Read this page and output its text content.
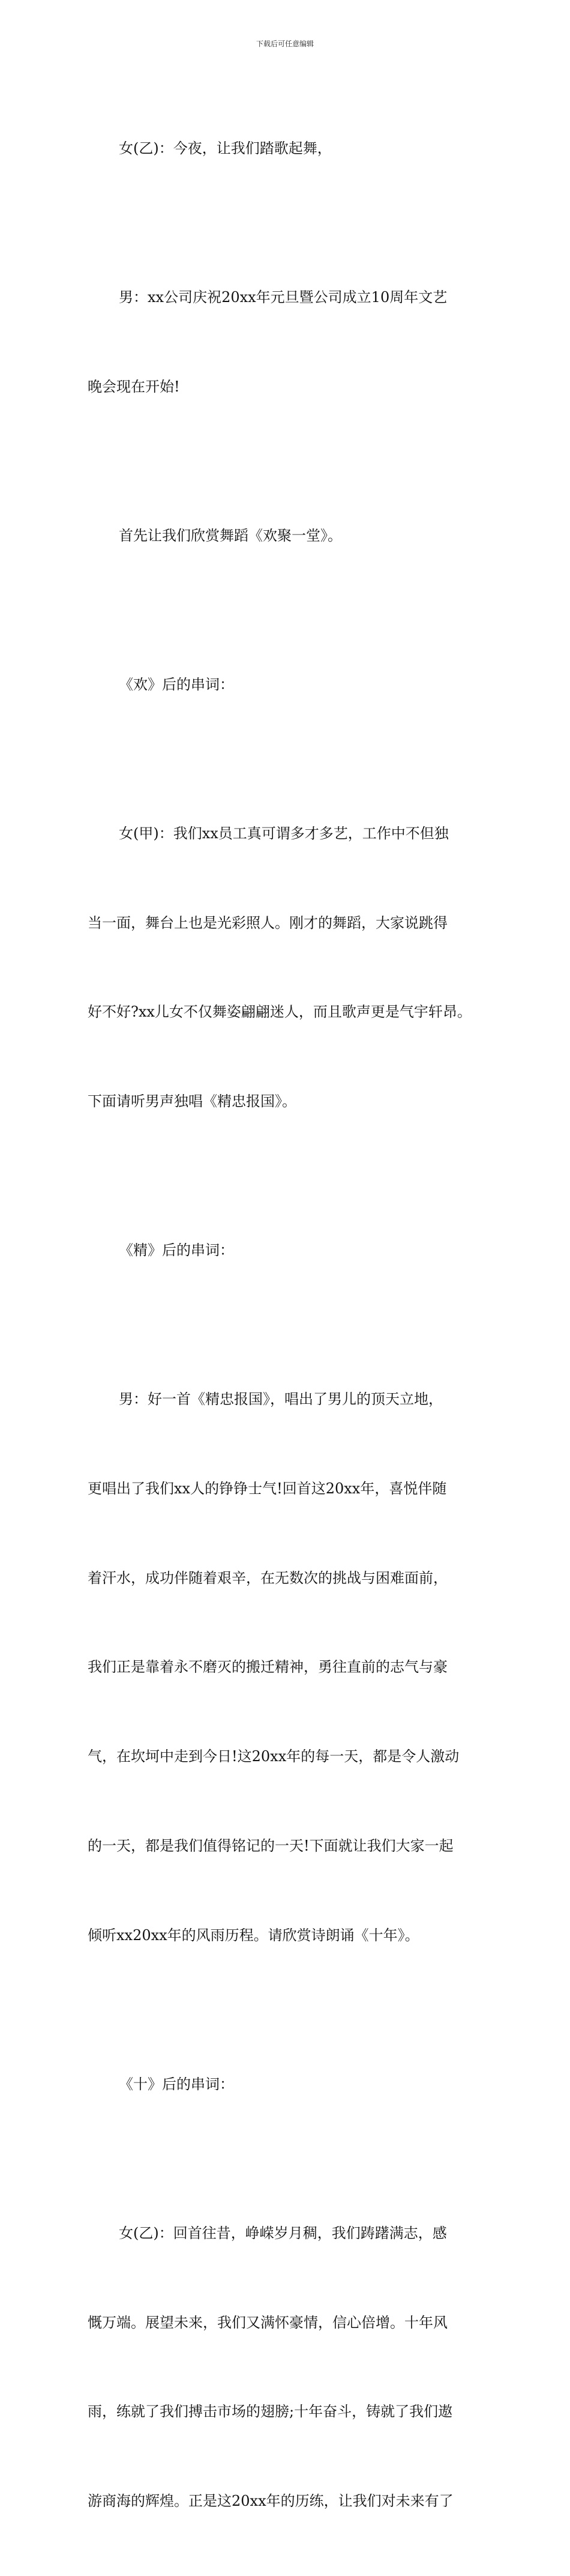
下载后可任意编辑

女(乙)：今夜，让我们踏歌起舞，

男：xx公司庆祝20xx年元旦暨公司成立10周年文艺

晚会现在开始!

首先让我们欣赏舞蹈《欢聚一堂》。

《欢》后的串词：

女(甲)：我们xx员工真可谓多才多艺，工作中不但独

当一面，舞台上也是光彩照人。刚才的舞蹈，大家说跳得

好不好?xx儿女不仅舞姿翩翩迷人，而且歌声更是气宇轩昂。

下面请听男声独唱《精忠报国》。

《精》后的串词：

男：好一首《精忠报国》，唱出了男儿的顶天立地，

更唱出了我们xx人的铮铮士气!回首这20xx年，喜悦伴随

着汗水，成功伴随着艰辛，在无数次的挑战与困难面前，

我们正是靠着永不磨灭的搬迁精神，勇往直前的志气与豪

气，在坎坷中走到今日!这20xx年的每一天，都是令人激动

的一天，都是我们值得铭记的一天!下面就让我们大家一起

倾听xx20xx年的风雨历程。请欣赏诗朗诵《十年》。

《十》后的串词：

女(乙)：回首往昔，峥嵘岁月稠，我们踌躇满志，感

慨万端。展望未来，我们又满怀豪情，信心倍增。十年风

雨，练就了我们搏击市场的翅膀;十年奋斗，铸就了我们遨

游商海的辉煌。正是这20xx年的历练，让我们对未来有了
